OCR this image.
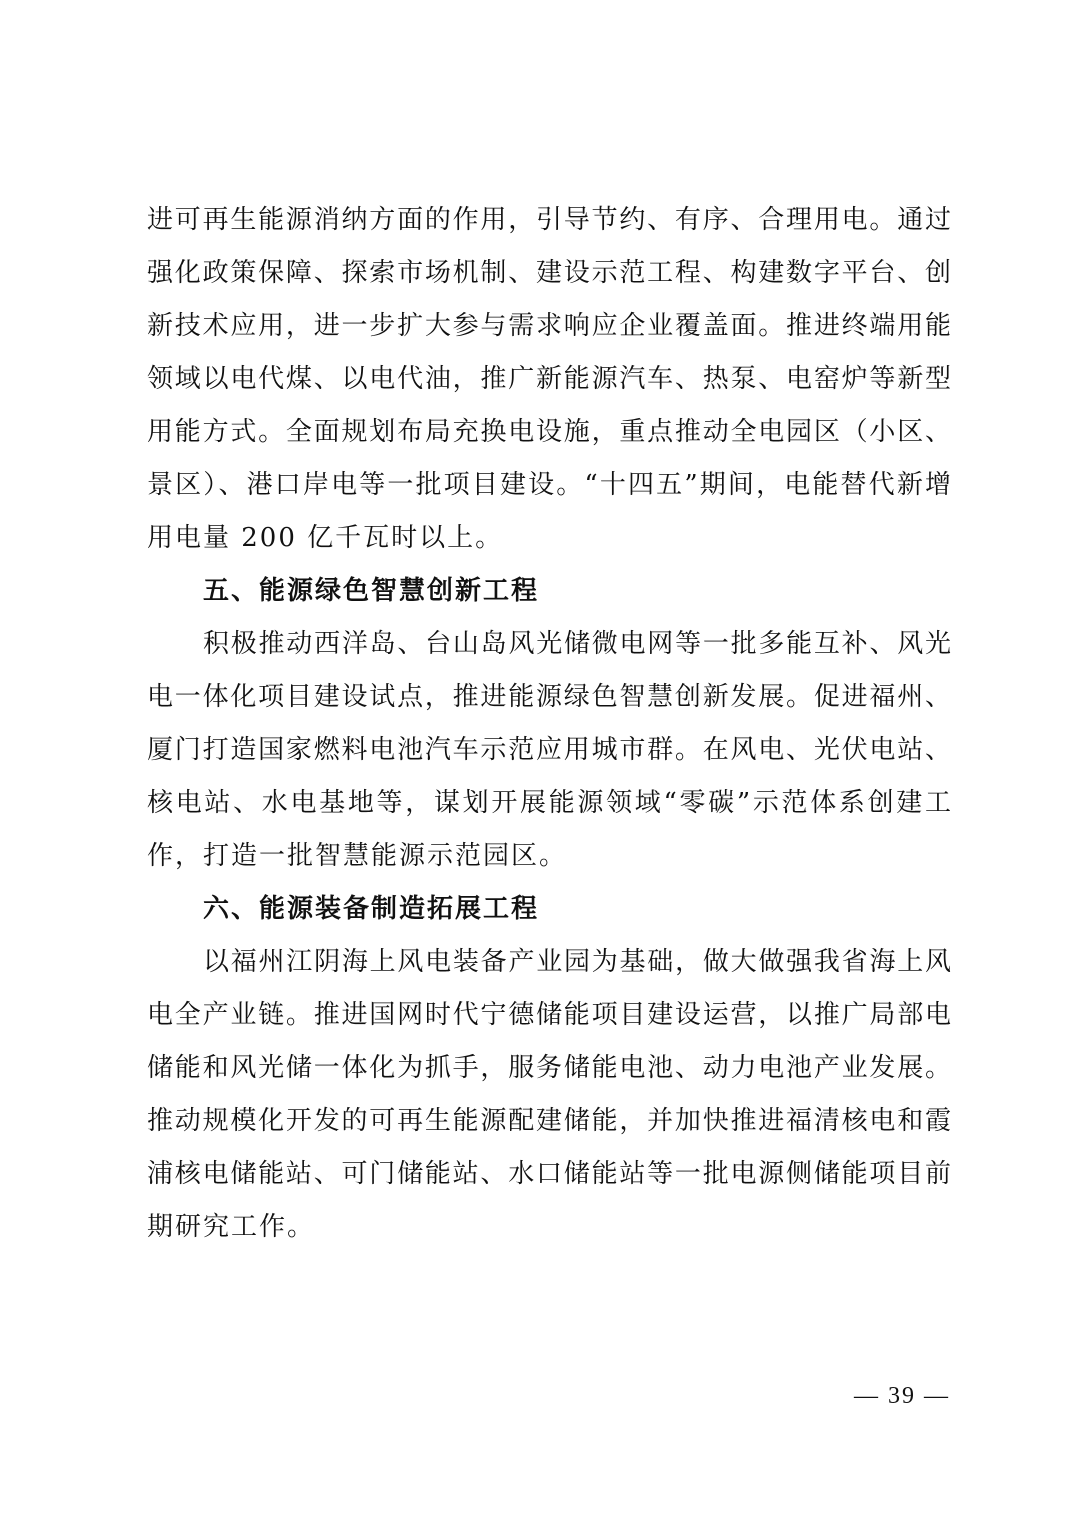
进可再生能源消纳方面的作用，引导节约、有序、合理用电。通过
强化政策保障、探索市场机制、建设示范工程、构建数字平台、创
新技术应用，进一步扩大参与需求响应企业覆盖面。推进终端用能
领域以电代煤、以电代油，推广新能源汽车、热泵、电窑炉等新型
用能方式。全面规划布局充换电设施，重点推动全电园区（小区、
景区）、港口岸电等一批项目建设。“十四五”期间，电能替代新增
用电量 200 亿千瓦时以上。
五、能源绿色智慧创新工程
积极推动西洋岛、台山岛风光储微电网等一批多能互补、风光
电一体化项目建设试点，推进能源绿色智慧创新发展。促进福州、
厦门打造国家燃料电池汽车示范应用城市群。在风电、光伏电站、
核电站、水电基地等，谋划开展能源领域“零碳”示范体系创建工
作，打造一批智慧能源示范园区。
六、能源装备制造拓展工程
以福州江阴海上风电装备产业园为基础，做大做强我省海上风
电全产业链。推进国网时代宁德储能项目建设运营，以推广局部电
储能和风光储一体化为抓手，服务储能电池、动力电池产业发展。
推动规模化开发的可再生能源配建储能，并加快推进福清核电和霞
浦核电储能站、可门储能站、水口储能站等一批电源侧储能项目前
期研究工作。
— 39 —
